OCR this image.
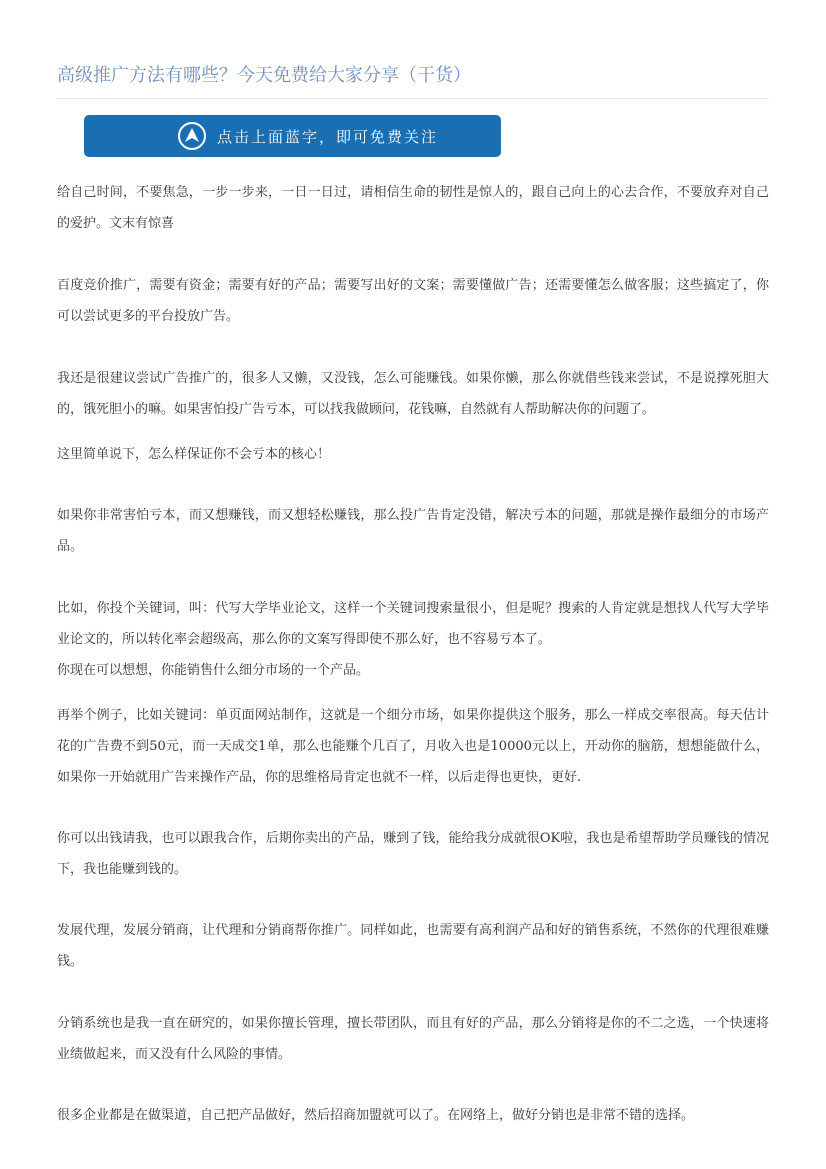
高级推广方法有哪些？今天免费给大家分享（干货）
点击上面蓝字，即可免费关注

给自己时间，不要焦急，一步一步来，一日一日过，请相信生命的韧性是惊人的，跟自己向上的心去合作，不要放弃对自己的爱护。文末有惊喜

百度竞价推广，需要有资金；需要有好的产品；需要写出好的文案；需要懂做广告；还需要懂怎么做客服；这些搞定了，你可以尝试更多的平台投放广告。

我还是很建议尝试广告推广的，很多人又懒，又没钱，怎么可能赚钱。如果你懒，那么你就借些钱来尝试，不是说撑死胆大的，饿死胆小的嘛。如果害怕投广告亏本，可以找我做顾问，花钱嘛，自然就有人帮助解决你的问题了。

这里简单说下，怎么样保证你不会亏本的核心！

如果你非常害怕亏本，而又想赚钱，而又想轻松赚钱，那么投广告肯定没错，解决亏本的问题，那就是操作最细分的市场产品。

比如，你投个关键词，叫：代写大学毕业论文，这样一个关键词搜索量很小，但是呢？搜索的人肯定就是想找人代写大学毕业论文的，所以转化率会超级高，那么你的文案写得即使不那么好，也不容易亏本了。

你现在可以想想，你能销售什么细分市场的一个产品。

再举个例子，比如关键词：单页面网站制作，这就是一个细分市场，如果你提供这个服务，那么一样成交率很高。每天估计花的广告费不到50元，而一天成交1单，那么也能赚个几百了，月收入也是10000元以上，开动你的脑筋，想想能做什么，如果你一开始就用广告来操作产品，你的思维格局肯定也就不一样，以后走得也更快，更好.

你可以出钱请我，也可以跟我合作，后期你卖出的产品，赚到了钱，能给我分成就很OK啦，我也是希望帮助学员赚钱的情况下，我也能赚到钱的。

发展代理，发展分销商，让代理和分销商帮你推广。同样如此，也需要有高利润产品和好的销售系统，不然你的代理很难赚钱。

分销系统也是我一直在研究的，如果你擅长管理，擅长带团队，而且有好的产品，那么分销将是你的不二之选，一个快速将业绩做起来，而又没有什么风险的事情。

很多企业都是在做渠道，自己把产品做好，然后招商加盟就可以了。在网络上，做好分销也是非常不错的选择。
